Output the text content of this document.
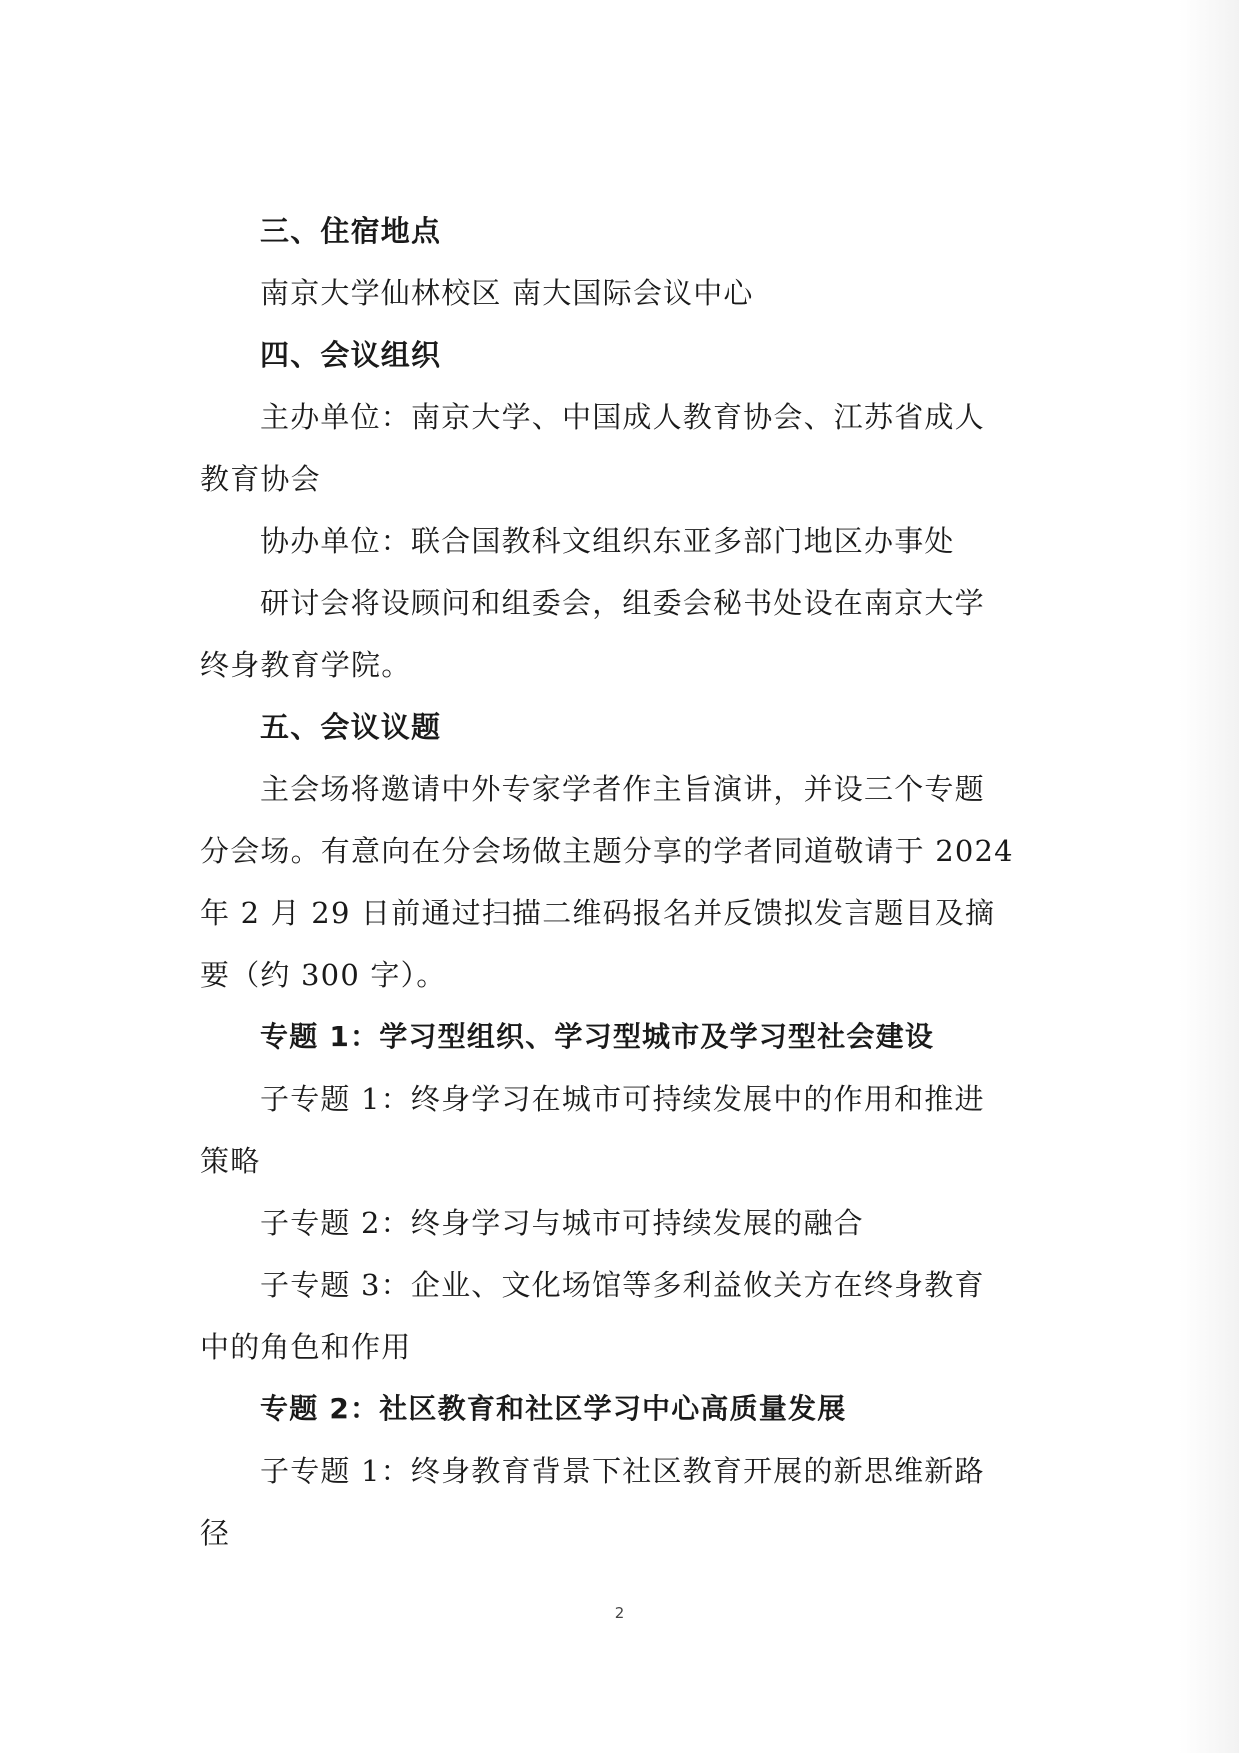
三、住宿地点
南京大学仙林校区 南大国际会议中心
四、会议组织
主办单位：南京大学、中国成人教育协会、江苏省成人
教育协会
协办单位：联合国教科文组织东亚多部门地区办事处
研讨会将设顾问和组委会，组委会秘书处设在南京大学
终身教育学院。
五、会议议题
主会场将邀请中外专家学者作主旨演讲，并设三个专题
分会场。有意向在分会场做主题分享的学者同道敬请于 2024
年 2 月 29 日前通过扫描二维码报名并反馈拟发言题目及摘
要（约 300 字）。
专题 1：学习型组织、学习型城市及学习型社会建设
子专题 1：终身学习在城市可持续发展中的作用和推进
策略
子专题 2：终身学习与城市可持续发展的融合
子专题 3：企业、文化场馆等多利益攸关方在终身教育
中的角色和作用
专题 2：社区教育和社区学习中心高质量发展
子专题 1：终身教育背景下社区教育开展的新思维新路
径
2
